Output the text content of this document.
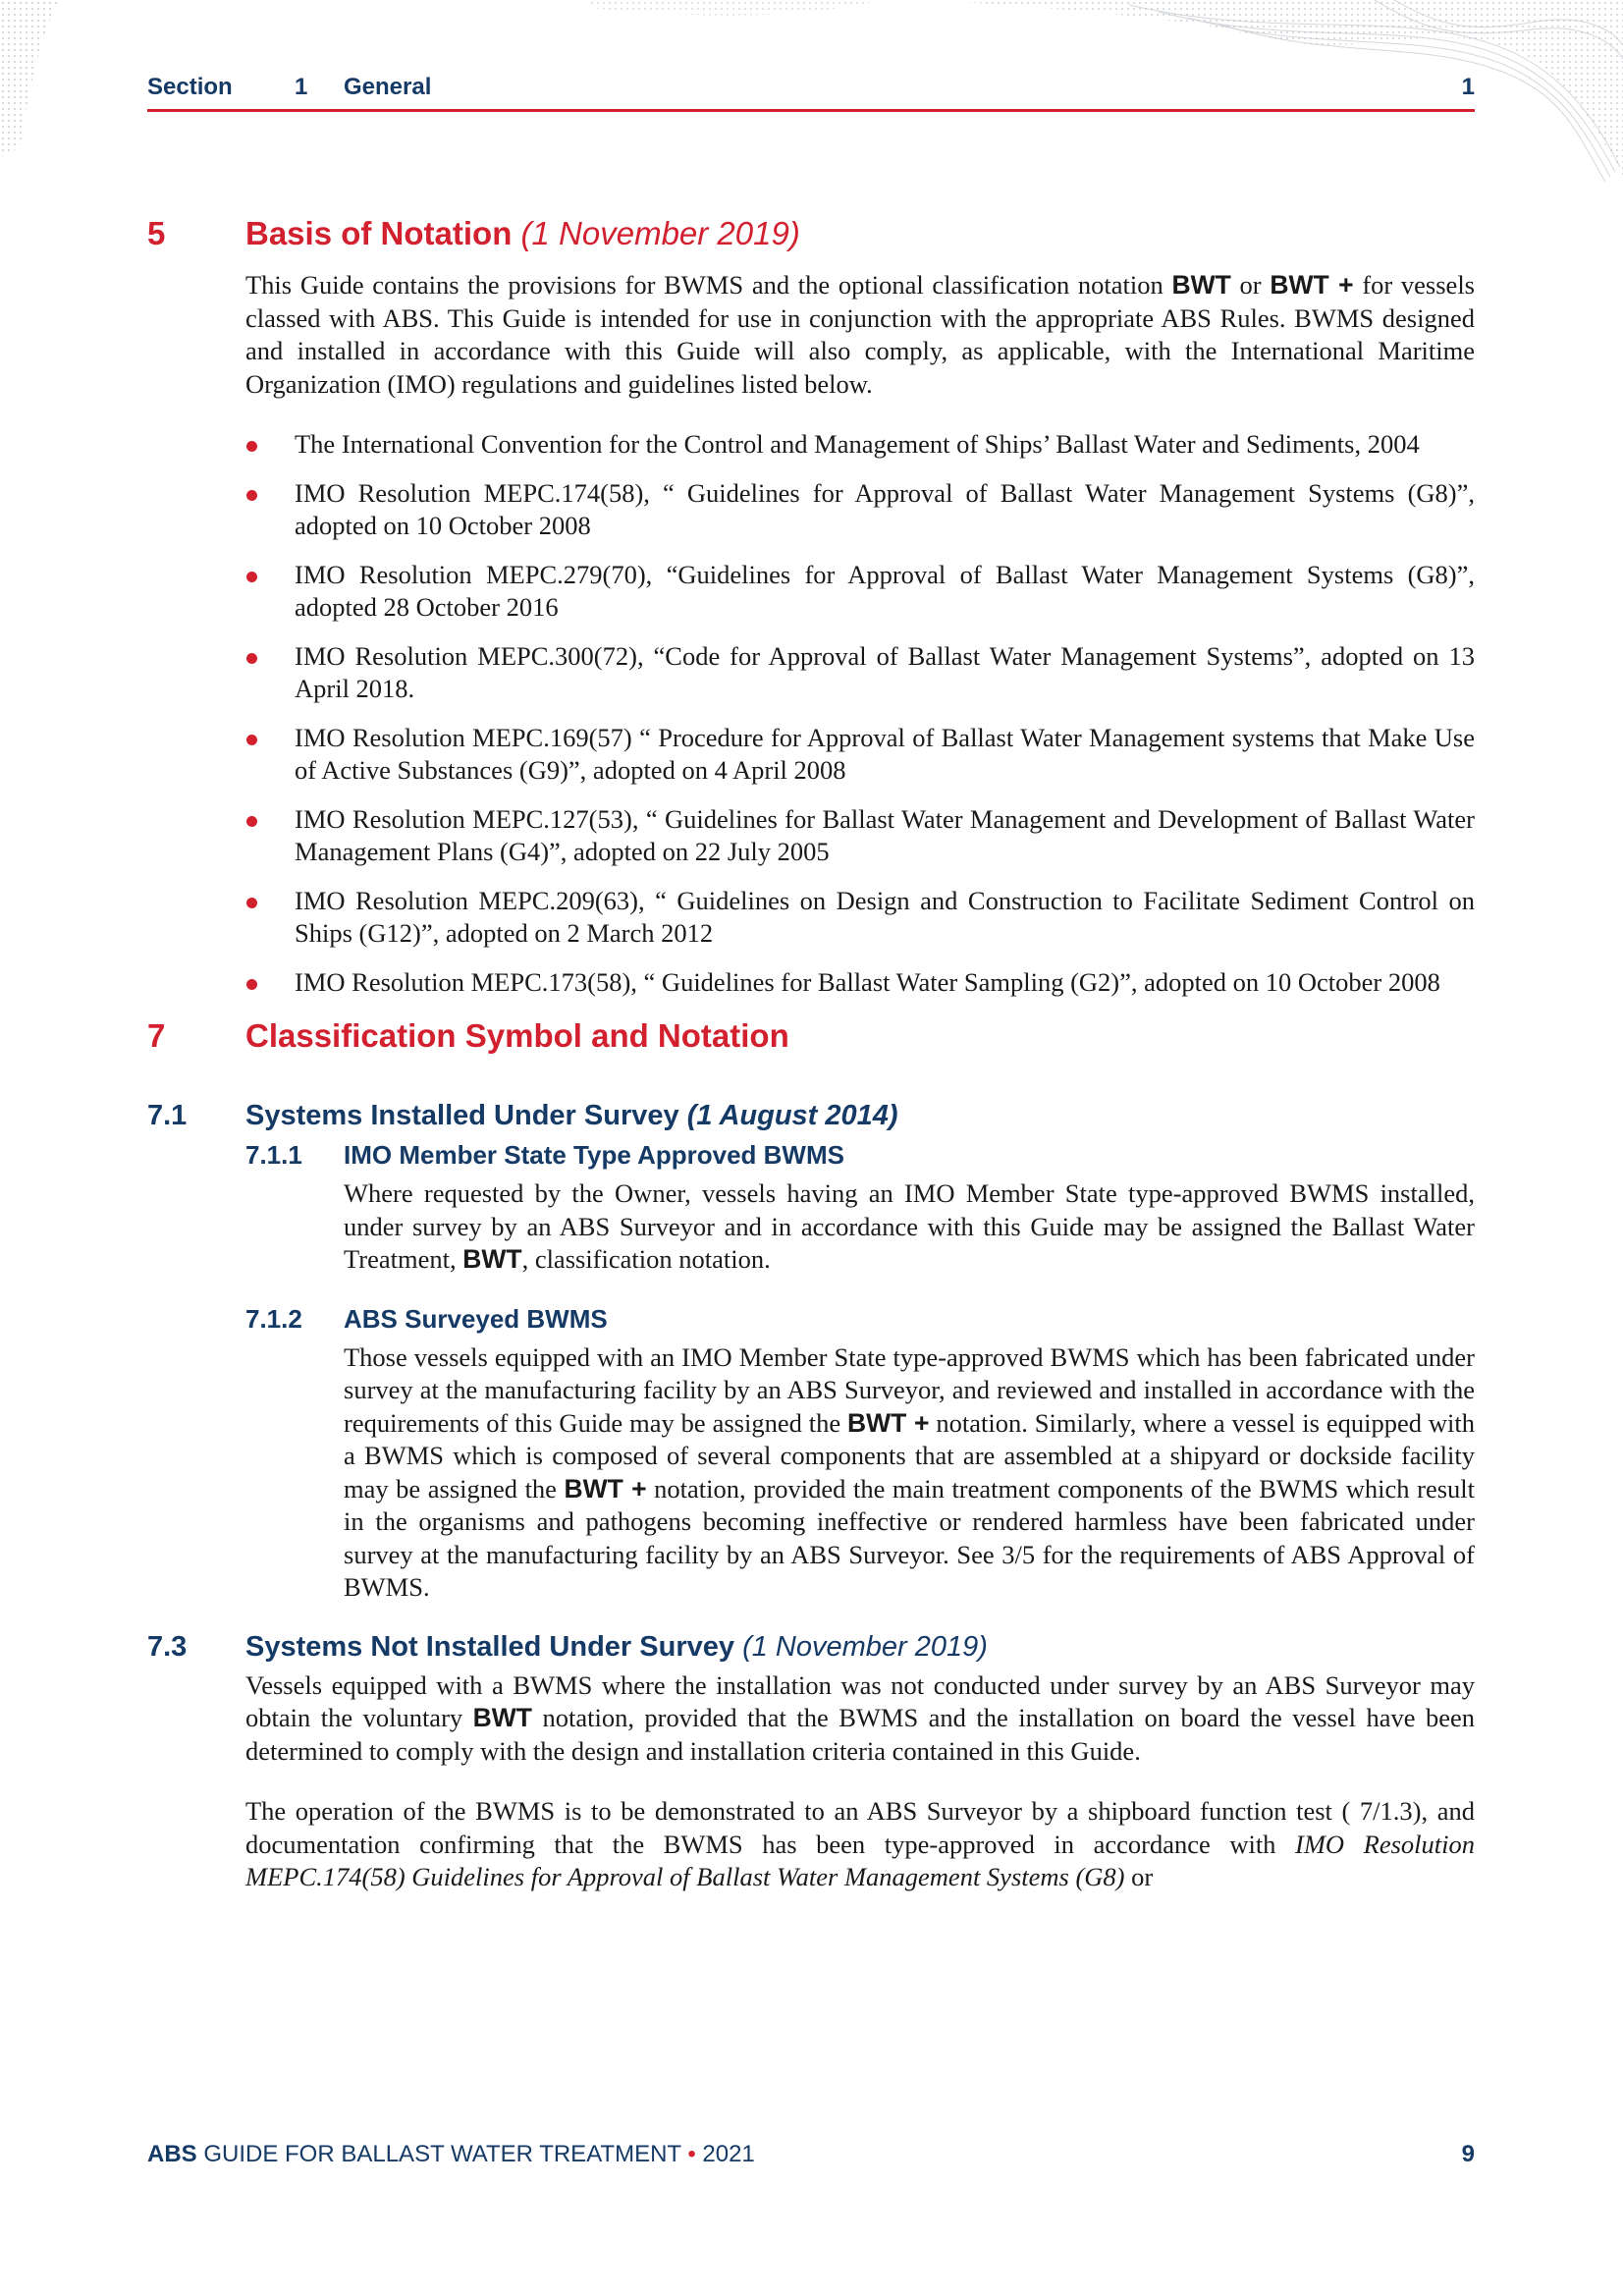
Section	1 General	1
5 Basis of Notation (1 November 2019)

This Guide contains the provisions for BWMS and the optional classification notation BWT or BWT + for vessels classed with ABS. This Guide is intended for use in conjunction with the appropriate ABS Rules. BWMS designed and installed in accordance with this Guide will also comply, as applicable, with the International Maritime Organization (IMO) regulations and guidelines listed below.

The International Convention for the Control and Management of Ships’ Ballast Water and Sediments, 2004
IMO Resolution MEPC.174(58), “ Guidelines for Approval of Ballast Water Management Systems (G8)”, adopted on 10 October 2008
IMO Resolution MEPC.279(70), “Guidelines for Approval of Ballast Water Management Systems (G8)”, adopted 28 October 2016
IMO Resolution MEPC.300(72), “Code for Approval of Ballast Water Management Systems”, adopted on 13 April 2018.
IMO Resolution MEPC.169(57) “ Procedure for Approval of Ballast Water Management systems that Make Use of Active Substances (G9)”, adopted on 4 April 2008
IMO Resolution MEPC.127(53), “ Guidelines for Ballast Water Management and Development of Ballast Water Management Plans (G4)”, adopted on 22 July 2005
IMO Resolution MEPC.209(63), “ Guidelines on Design and Construction to Facilitate Sediment Control on Ships (G12)”, adopted on 2 March 2012
IMO Resolution MEPC.173(58), “ Guidelines for Ballast Water Sampling (G2)”, adopted on 10 October 2008
7 Classification Symbol and Notation
7.1 Systems Installed Under Survey (1 August 2014)
7.1.1 IMO Member State Type Approved BWMS

Where requested by the Owner, vessels having an IMO Member State type-approved BWMS installed, under survey by an ABS Surveyor and in accordance with this Guide may be assigned the Ballast Water Treatment, BWT, classification notation.

7.1.2 ABS Surveyed BWMS

Those vessels equipped with an IMO Member State type-approved BWMS which has been fabricated under survey at the manufacturing facility by an ABS Surveyor, and reviewed and installed in accordance with the requirements of this Guide may be assigned the BWT + notation. Similarly, where a vessel is equipped with a BWMS which is composed of several components that are assembled at a shipyard or dockside facility may be assigned the BWT + notation, provided the main treatment components of the BWMS which result in the organisms and pathogens becoming ineffective or rendered harmless have been fabricated under survey at the manufacturing facility by an ABS Surveyor. See 3/5 for the requirements of ABS Approval of BWMS.

7.3 Systems Not Installed Under Survey (1 November 2019)

Vessels equipped with a BWMS where the installation was not conducted under survey by an ABS Surveyor may obtain the voluntary BWT notation, provided that the BWMS and the installation on board the vessel have been determined to comply with the design and installation criteria contained in this Guide.

The operation of the BWMS is to be demonstrated to an ABS Surveyor by a shipboard function test ( 7/1.3), and documentation confirming that the BWMS has been type-approved in accordance with IMO Resolution MEPC.174(58) Guidelines for Approval of Ballast Water Management Systems (G8) or

ABS GUIDE FOR BALLAST WATER TREATMENT • 2021	9
